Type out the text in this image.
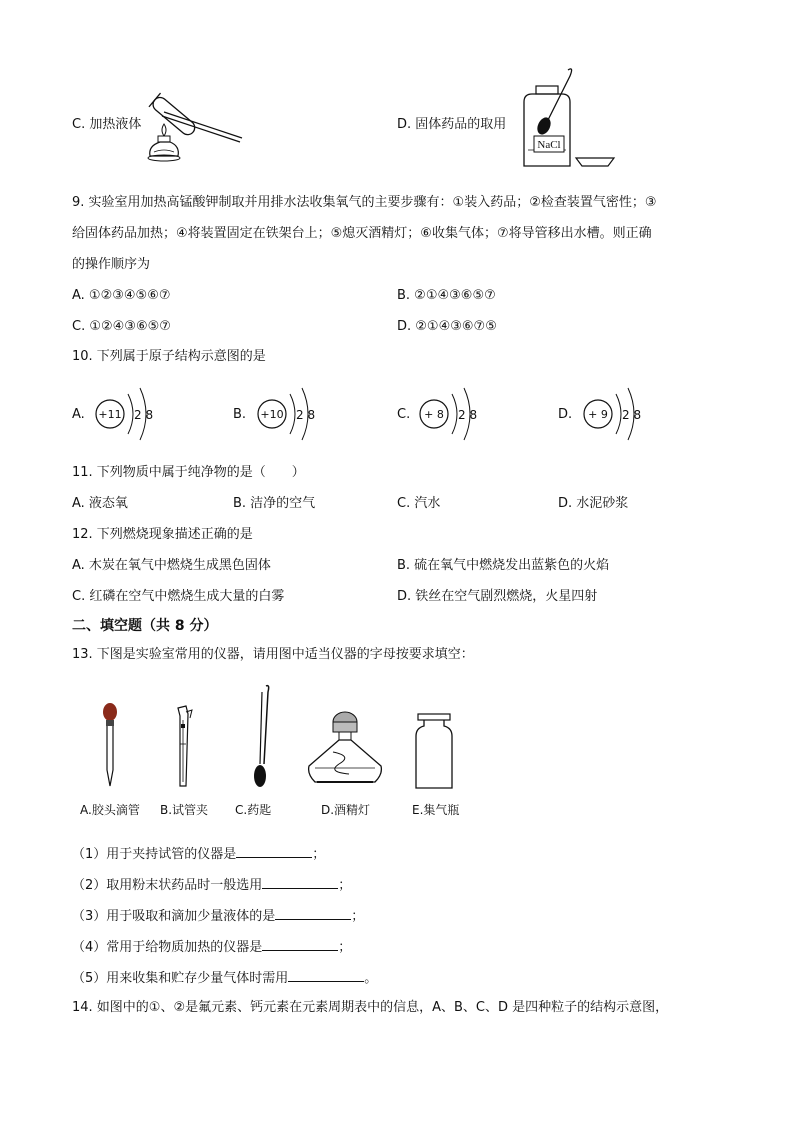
C. 加热液体	D. 固体药品的取用
NaCl
9. 实验室用加热高锰酸钾制取并用排水法收集氧气的主要步骤有：①装入药品；②检查装置气密性；③
给固体药品加热；④将装置固定在铁架台上；⑤熄灭酒精灯；⑥收集气体；⑦将导管移出水槽。则正确
的操作顺序为
A. ①②③④⑤⑥⑦	B. ②①④③⑥⑤⑦
C. ①②④③⑥⑤⑦	D. ②①④③⑥⑦⑤
10. 下列属于原子结构示意图的是
A. +11 2 8	B. +10 2 8	C. + 8 2 8	D. + 9 2 8
11. 下列物质中属于纯净物的是（　　）
A. 液态氧	B. 洁净的空气	C. 汽水	D. 水泥砂浆
12. 下列燃烧现象描述正确的是
A. 木炭在氧气中燃烧生成黑色固体	B. 硫在氧气中燃烧发出蓝紫色的火焰
C. 红磷在空气中燃烧生成大量的白雾	D. 铁丝在空气剧烈燃烧，火星四射
二、填空题（共 8 分）
13. 下图是实验室常用的仪器，请用图中适当仪器的字母按要求填空：
A.胶头滴管 B.试管夹 C.药匙	D.酒精灯	E.集气瓶
（1）用于夹持试管的仪器是	；
（2）取用粉末状药品时一般选用	；
（3）用于吸取和滴加少量液体的是	；
（4）常用于给物质加热的仪器是	；
（5）用来收集和贮存少量气体时需用	。
14. 如图中的①、②是氟元素、钙元素在元素周期表中的信息，A、B、C、D 是四种粒子的结构示意图，
